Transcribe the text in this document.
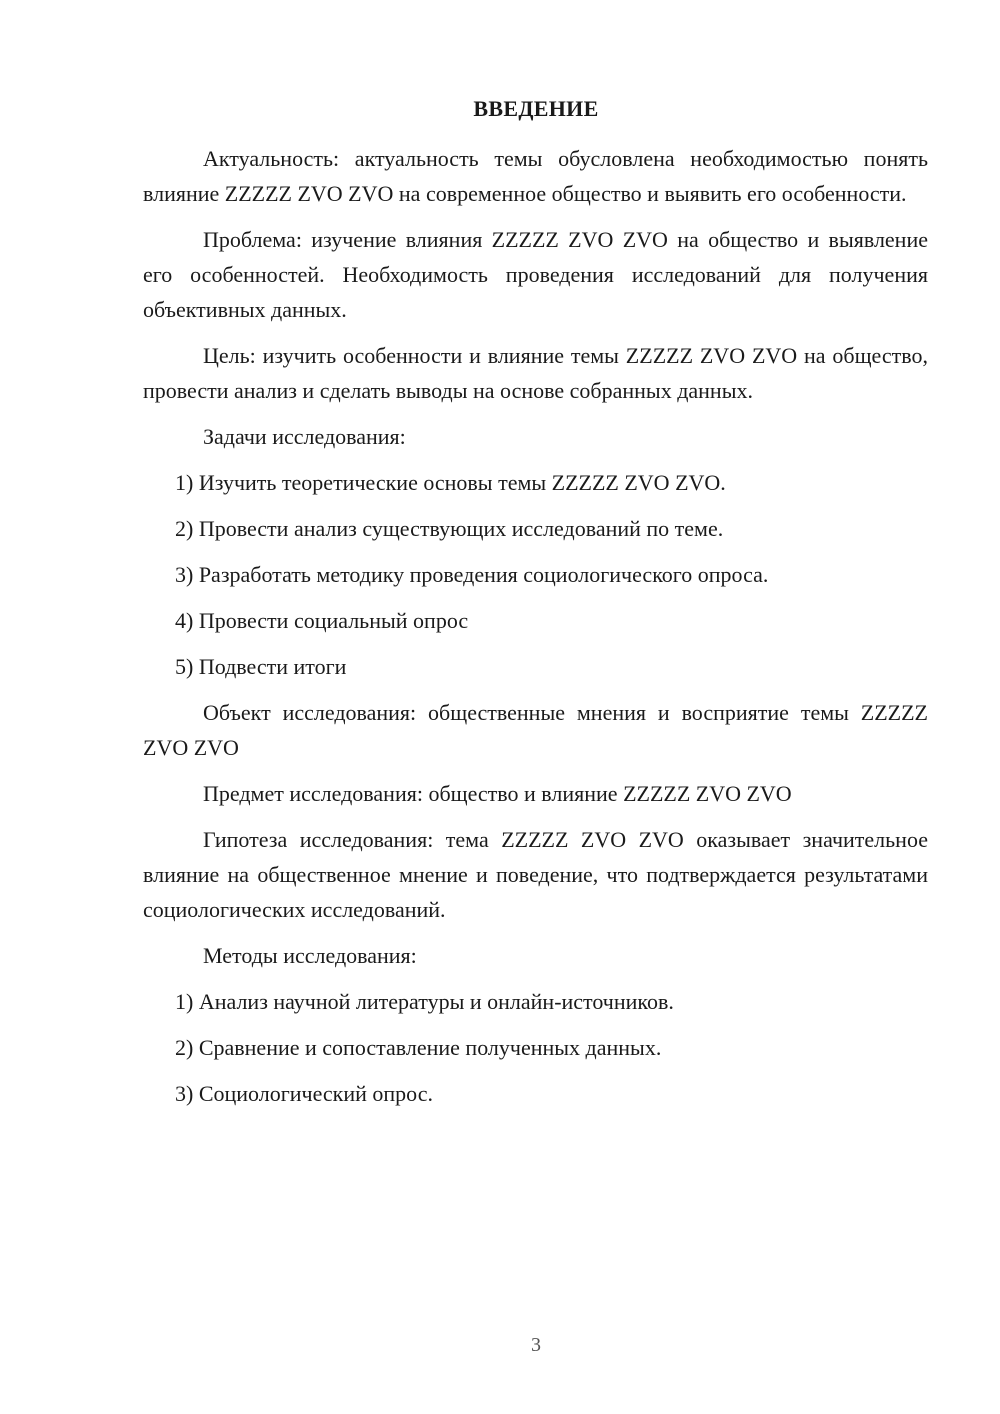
ВВЕДЕНИЕ

Актуальность: актуальность темы обусловлена необходимостью понять влияние ZZZZZ ZVO ZVO на современное общество и выявить его особенности.

Проблема: изучение влияния ZZZZZ ZVO ZVO на общество и выявление его особенностей. Необходимость проведения исследований для получения объективных данных.

Цель: изучить особенности и влияние темы ZZZZZ ZVO ZVO на общество, провести анализ и сделать выводы на основе собранных данных.

Задачи исследования:

1) Изучить теоретические основы темы ZZZZZ ZVO ZVO.

2) Провести анализ существующих исследований по теме.

3) Разработать методику проведения социологического опроса.

4) Провести социальный опрос

5) Подвести итоги

Объект исследования: общественные мнения и восприятие темы ZZZZZ ZVO ZVO

Предмет исследования: общество и влияние ZZZZZ ZVO ZVO

Гипотеза исследования: тема ZZZZZ ZVO ZVO оказывает значительное влияние на общественное мнение и поведение, что подтверждается результатами социологических исследований.

Методы исследования:

1) Анализ научной литературы и онлайн-источников.

2) Сравнение и сопоставление полученных данных.

3) Социологический опрос.

3
